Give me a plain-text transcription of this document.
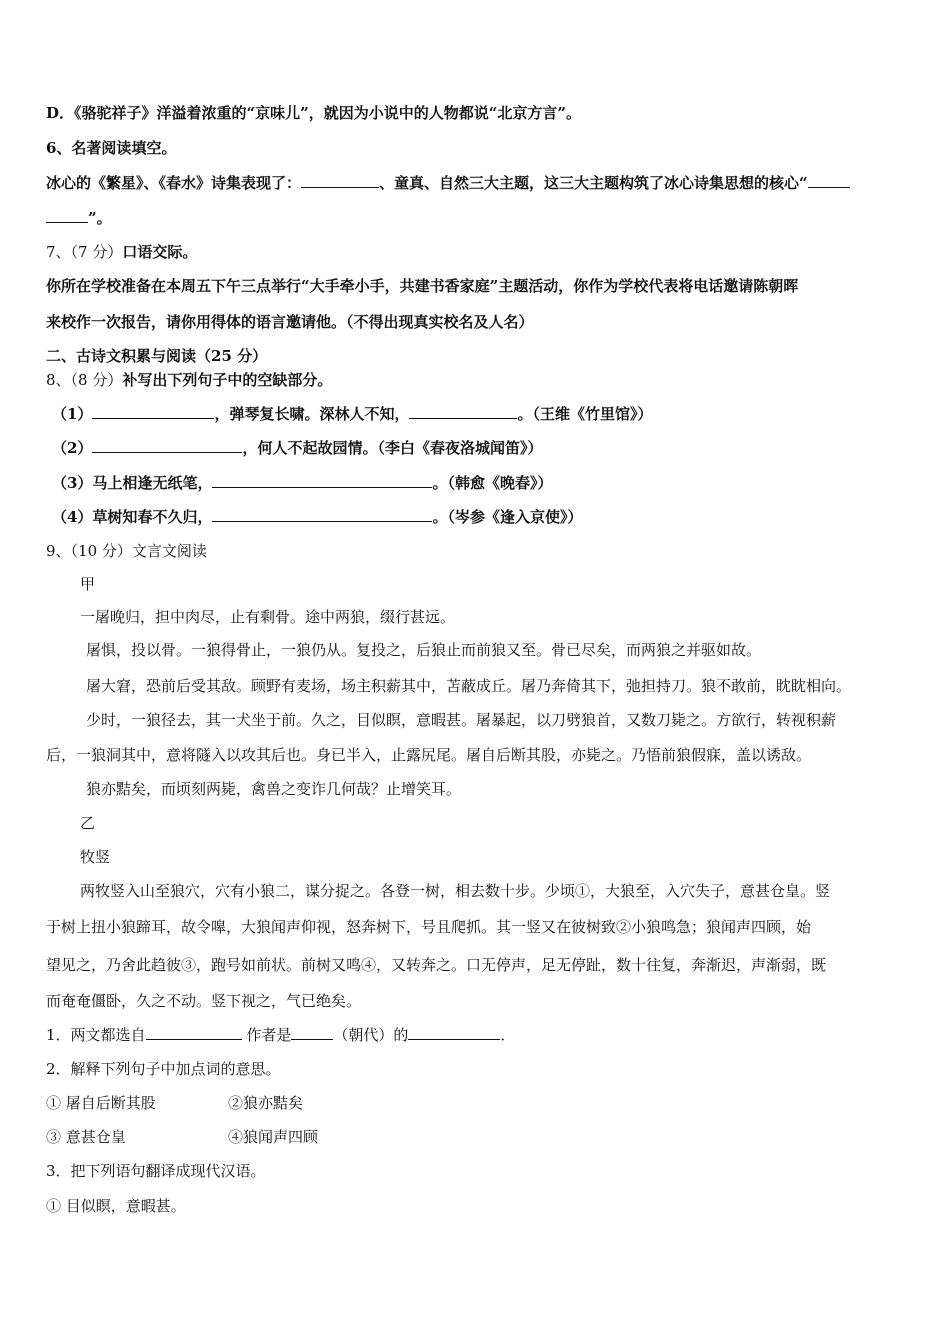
D．《骆驼祥子》洋溢着浓重的“京味儿”，就因为小说中的人物都说“北京方言”。
6、名著阅读填空。
冰心的《繁星》、《春水》诗集表现了：	、童真、自然三大主题，这三大主题构筑了冰心诗集思想的核心“
”。
7、（7 分）口语交际。
你所在学校准备在本周五下午三点举行“大手牵小手，共建书香家庭”主题活动，你作为学校代表将电话邀请陈朝晖
来校作一次报告，请你用得体的语言邀请他。（不得出现真实校名及人名）
二、古诗文积累与阅读（25 分）
8、（8 分）补写出下列句子中的空缺部分。
（1）	，弹琴复长啸。深林人不知，	。（王维《竹里馆》）
（2）	，何人不起故园情。（李白《春夜洛城闻笛》）
（3）马上相逢无纸笔，	。（韩愈《晚春》）
（4）草树知春不久归，	。（岑参《逢入京使》）
9、（10 分）文言文阅读
甲
一屠晚归，担中肉尽，止有剩骨。途中两狼，缀行甚远。
屠惧，投以骨。一狼得骨止，一狼仍从。复投之，后狼止而前狼又至。骨已尽矣，而两狼之并驱如故。
屠大窘，恐前后受其敌。顾野有麦场，场主积薪其中，苫蔽成丘。屠乃奔倚其下，弛担持刀。狼不敢前，眈眈相向。
少时，一狼径去，其一犬坐于前。久之，目似瞑，意暇甚。屠暴起，以刀劈狼首，又数刀毙之。方欲行，转视积薪
后，一狼洞其中，意将隧入以攻其后也。身已半入，止露尻尾。屠自后断其股，亦毙之。乃悟前狼假寐，盖以诱敌。
狼亦黠矣，而顷刻两毙，禽兽之变诈几何哉？止增笑耳。
乙
牧竖
两牧竖入山至狼穴，穴有小狼二，谋分捉之。各登一树，相去数十步。少顷①，大狼至，入穴失子，意甚仓皇。竖
于树上扭小狼蹄耳，故令嗥，大狼闻声仰视，怒奔树下，号且爬抓。其一竖又在彼树致②小狼鸣急；狼闻声四顾，始
望见之，乃舍此趋彼③，跑号如前状。前树又鸣④，又转奔之。口无停声，足无停趾，数十往复，奔渐迟，声渐弱，既
而奄奄僵卧，久之不动。竖下视之，气已绝矣。
1．两文都选自	作者是	（朝代）的	．
2．解释下列句子中加点词的意思。
① 屠自后断其股	②狼亦黠矣
③ 意甚仓皇	④狼闻声四顾
3．把下列语句翻译成现代汉语。
① 目似瞑，意暇甚。
